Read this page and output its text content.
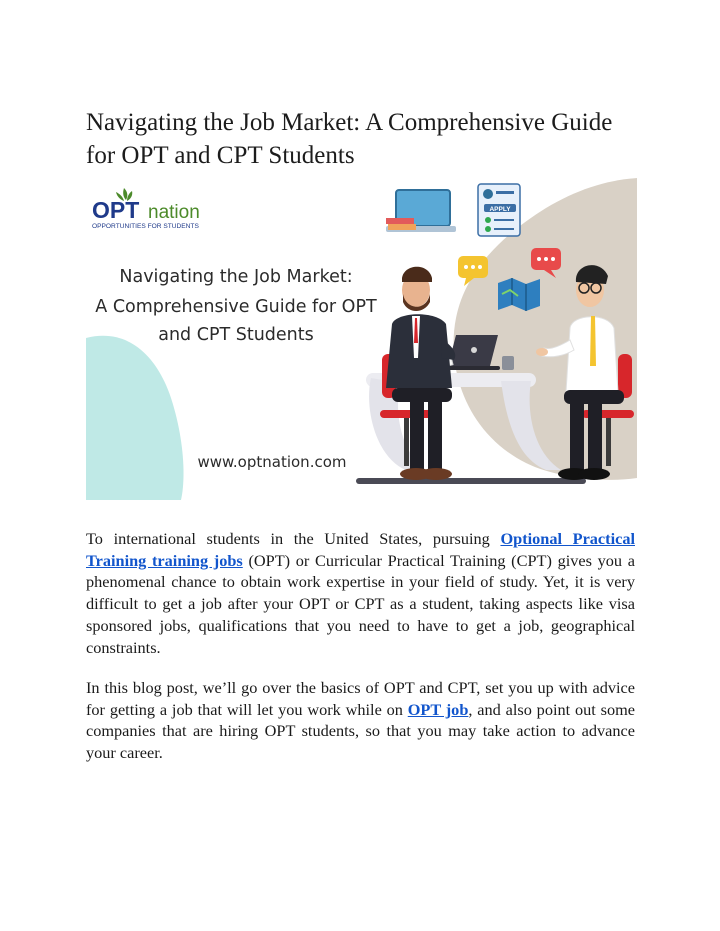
Navigating the Job Market: A Comprehensive Guide for OPT and CPT Students
OPT nation
OPPORTUNITIES FOR STUDENTS
Navigating the Job Market:
A Comprehensive Guide for OPT
and CPT Students
www.optnation.com
APPLY

To international students in the United States, pursuing Optional Practical Training training jobs (OPT) or Curricular Practical Training (CPT) gives you a phenomenal chance to obtain work expertise in your field of study. Yet, it is very difficult to get a job after your OPT or CPT as a student, taking aspects like visa sponsored jobs, qualifications that you need to have to get a job, geographical constraints.

In this blog post, we’ll go over the basics of OPT and CPT, set you up with advice for getting a job that will let you work while on OPT job, and also point out some companies that are hiring OPT students, so that you may take action to advance your career.
